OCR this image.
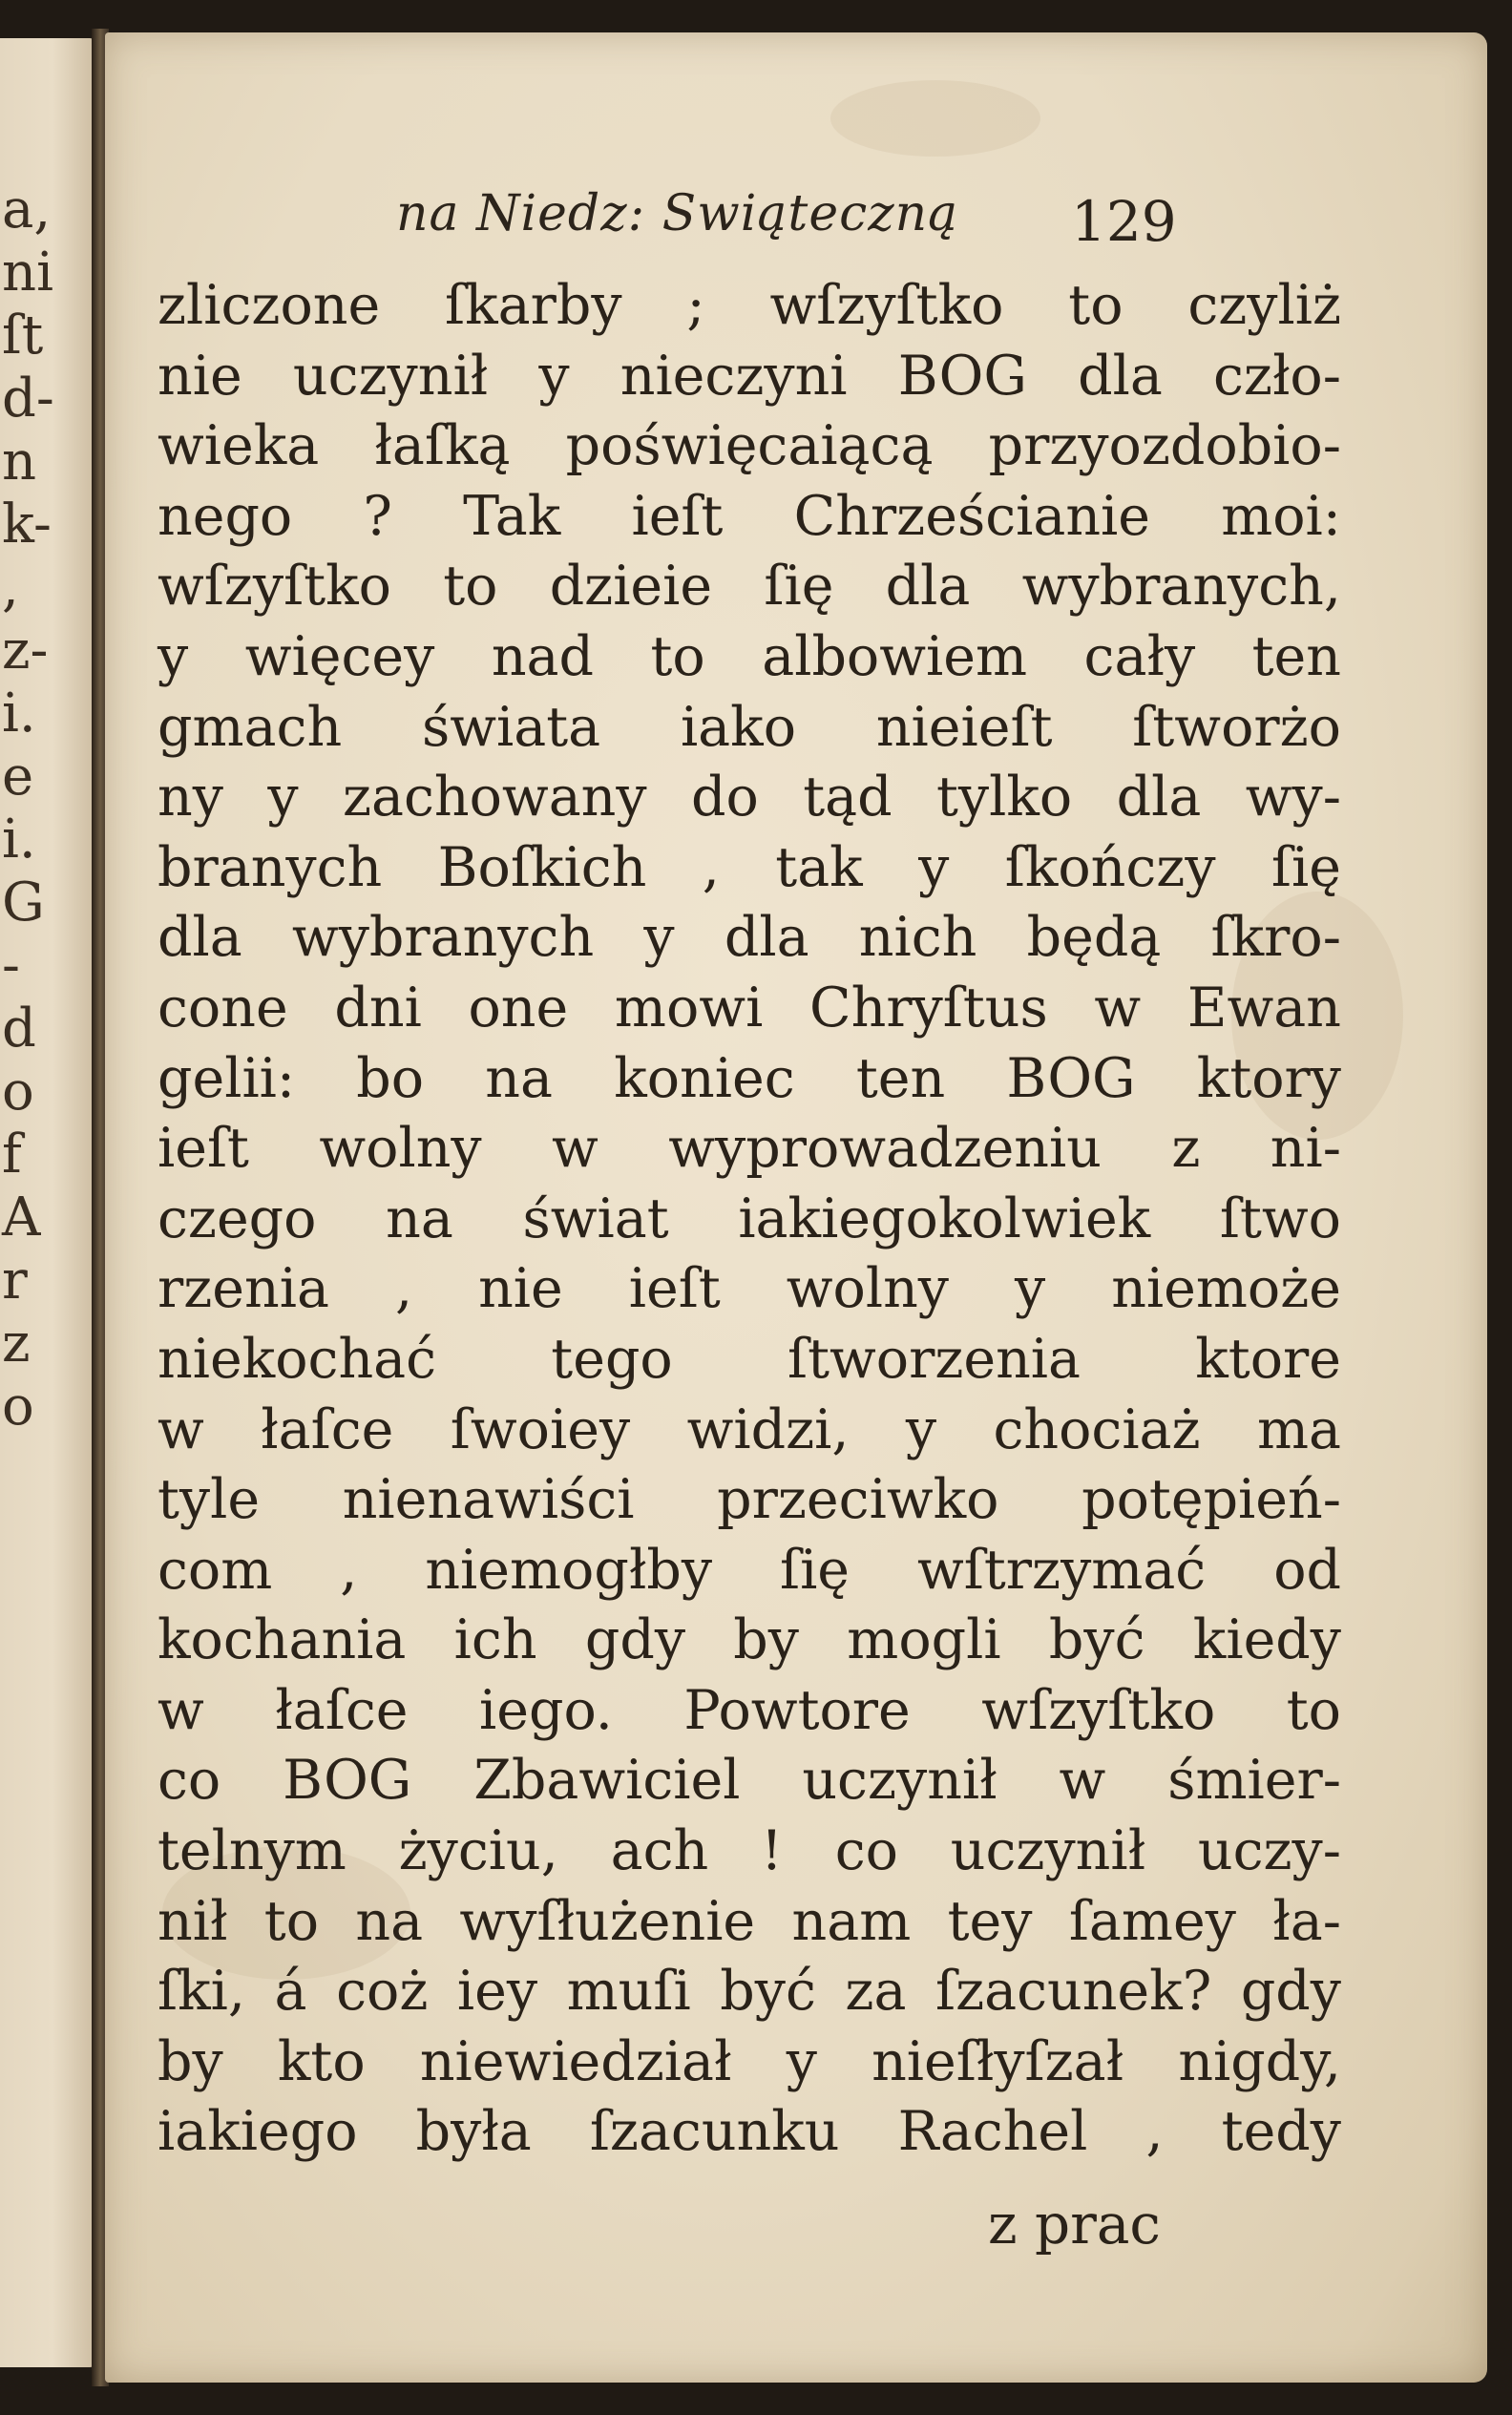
a,
ni
ſt
d-
n
k-
,
z-
i.
e
i.
G
-
d
o
f
A
r
z
o
na Niedz: Swiąteczną 129
zliczone ſkarby ; wſzyſtko to czyliż
nie uczynił y nieczyni BOG dla czło-
wieka łaſką poświęcaiącą przyozdobio-
nego ? Tak ieſt Chrześcianie moi:
wſzyſtko to dzieie ſię dla wybranych,
y więcey nad to albowiem cały ten
gmach świata iako nieieſt ſtworżo
ny y zachowany do tąd tylko dla wy-
branych Boſkich , tak y ſkończy ſię
dla wybranych y dla nich będą ſkro-
cone dni one mowi Chryſtus w Ewan
gelii: bo na koniec ten BOG ktory
ieſt wolny w wyprowadzeniu z ni-
czego na świat iakiegokolwiek ſtwo
rzenia , nie ieſt wolny y niemoże
niekochać tego ſtworzenia ktore
w łaſce ſwoiey widzi, y chociaż ma
tyle nienawiści przeciwko potępień-
com , niemogłby ſię wſtrzymać od
kochania ich gdy by mogli być kiedy
w łaſce iego. Powtore wſzyſtko to
co BOG Zbawiciel uczynił w śmier-
telnym życiu, ach ! co uczynił uczy-
nił to na wyſłużenie nam tey ſamey ła-
ſki, á coż iey muſi być za ſzacunek? gdy
by kto niewiedział y nieſłyſzał nigdy,
iakiego była ſzacunku Rachel , tedy
z prac
